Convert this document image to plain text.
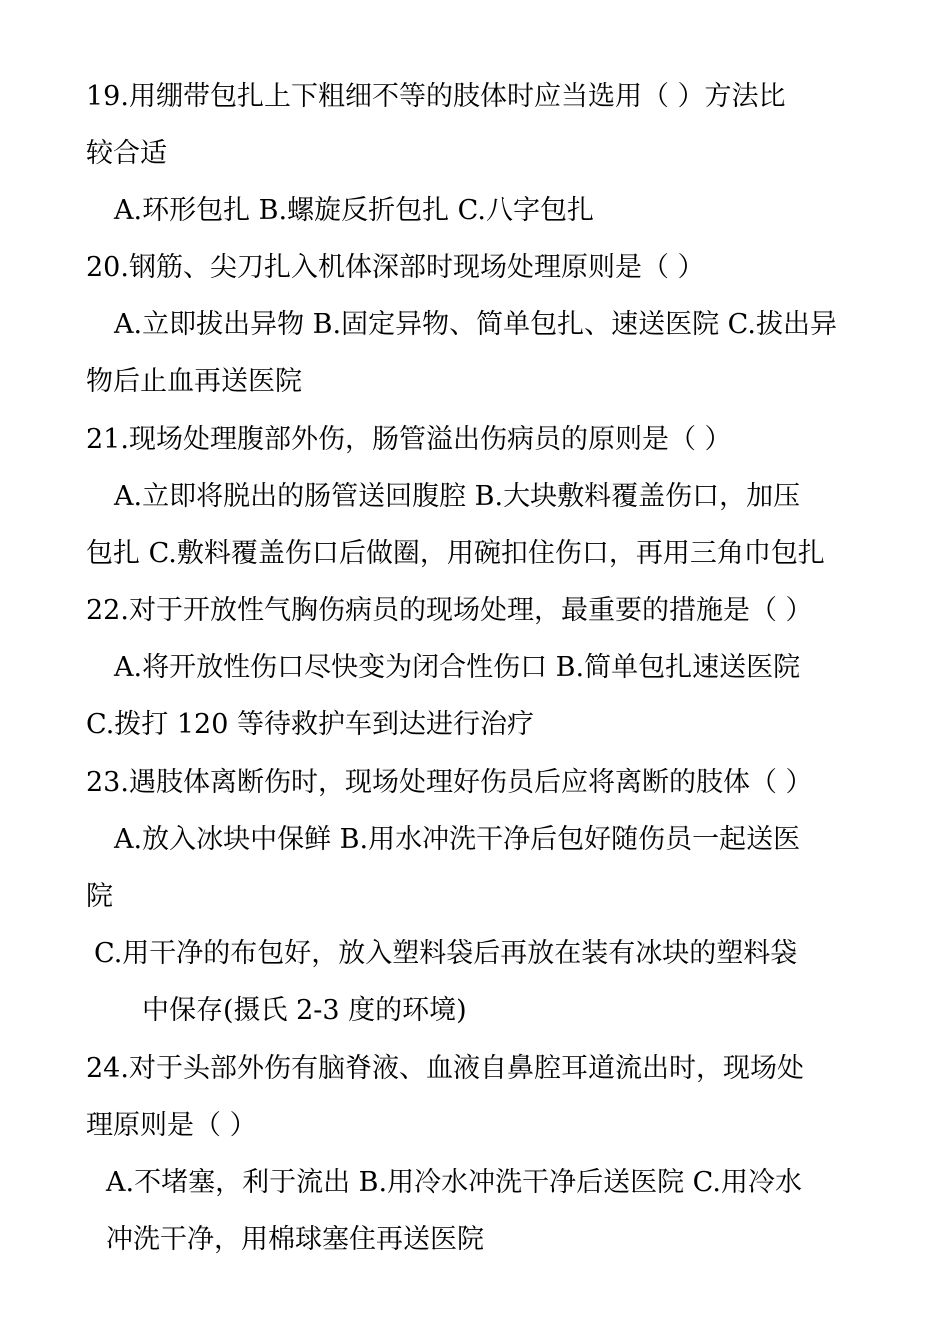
19.用绷带包扎上下粗细不等的肢体时应当选用（ ）方法比
较合适
A.环形包扎 B.螺旋反折包扎 C.八字包扎
20.钢筋、尖刀扎入机体深部时现场处理原则是（ ）
A.立即拔出异物 B.固定异物、简单包扎、速送医院 C.拔出异
物后止血再送医院
21.现场处理腹部外伤，肠管溢出伤病员的原则是（ ）
A.立即将脱出的肠管送回腹腔 B.大块敷料覆盖伤口，加压
包扎 C.敷料覆盖伤口后做圈，用碗扣住伤口，再用三角巾包扎
22.对于开放性气胸伤病员的现场处理，最重要的措施是（ ）
A.将开放性伤口尽快变为闭合性伤口 B.简单包扎速送医院
C.拨打 120 等待救护车到达进行治疗
23.遇肢体离断伤时，现场处理好伤员后应将离断的肢体（ ）
A.放入冰块中保鲜 B.用水冲洗干净后包好随伤员一起送医
院
C.用干净的布包好，放入塑料袋后再放在装有冰块的塑料袋
中保存(摄氏 2-3 度的环境)
24.对于头部外伤有脑脊液、血液自鼻腔耳道流出时，现场处
理原则是（ ）
A.不堵塞，利于流出 B.用冷水冲洗干净后送医院 C.用冷水
冲洗干净，用棉球塞住再送医院
